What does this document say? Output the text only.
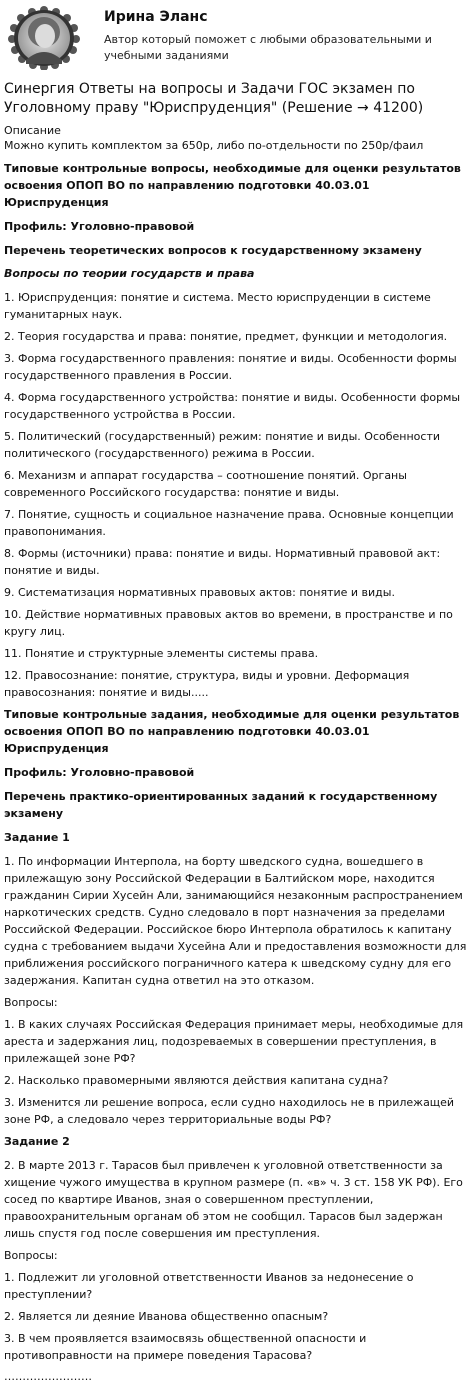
Ирина Эланс
Автор который поможет с любыми образовательными и учебными заданиями
Синергия Ответы на вопросы и Задачи ГОС экзамен по Уголовному праву "Юриспруденция" (Решение → 41200)
Описание
Можно купить комплектом за 650р, либо по-отдельности по 250р/фаил
Типовые контрольные вопросы, необходимые для оценки результатов освоения ОПОП ВО по направлению подготовки 40.03.01 Юриспруденция
Профиль: Уголовно-правовой
Перечень теоретических вопросов к государственному экзамену
Вопросы по теории государств и права
1. Юриспруденция: понятие и система. Место юриспруденции в системе гуманитарных наук.
2. Теория государства и права: понятие, предмет, функции и методология.
3. Форма государственного правления: понятие и виды. Особенности формы государственного правления в России.
4. Форма государственного устройства: понятие и виды. Особенности формы государственного устройства в России.
5. Политический (государственный) режим: понятие и виды. Особенности политического (государственного) режима в России.
6. Механизм и аппарат государства – соотношение понятий. Органы современного Российского государства: понятие и виды.
7. Понятие, сущность и социальное назначение права. Основные концепции правопонимания.
8. Формы (источники) права: понятие и виды. Нормативный правовой акт: понятие и виды.
9. Систематизация нормативных правовых актов: понятие и виды.
10. Действие нормативных правовых актов во времени, в пространстве и по кругу лиц.
11. Понятие и структурные элементы системы права.
12. Правосознание: понятие, структура, виды и уровни. Деформация правосознания: понятие и виды.....
Типовые контрольные задания, необходимые для оценки результатов освоения ОПОП ВО по направлению подготовки 40.03.01 Юриспруденция
Профиль: Уголовно-правовой
Перечень практико-ориентированных заданий к государственному экзамену
Задание 1
1. По информации Интерпола, на борту шведского судна, вошедшего в прилежащую зону Российской Федерации в Балтийском море, находится гражданин Сирии Хусейн Али, занимающийся незаконным распространением наркотических средств. Судно следовало в порт назначения за пределами Российской Федерации. Российское бюро Интерпола обратилось к капитану судна с требованием выдачи Хусейна Али и предоставления возможности для приближения российского пограничного катера к шведскому судну для его задержания. Капитан судна ответил на это отказом.
Вопросы:
1. В каких случаях Российская Федерация принимает меры, необходимые для ареста и задержания лиц, подозреваемых в совершении преступления, в прилежащей зоне РФ?
2. Насколько правомерными являются действия капитана судна?
3. Изменится ли решение вопроса, если судно находилось не в прилежащей зоне РФ, а следовало через территориальные воды РФ?
Задание 2
2. В марте 2013 г. Тарасов был привлечен к уголовной ответственности за хищение чужого имущества в крупном размере (п. «в» ч. 3 ст. 158 УК РФ). Его сосед по квартире Иванов, зная о совершенном преступлении, правоохранительным органам об этом не сообщил. Тарасов был задержан лишь спустя год после совершения им преступления.
Вопросы:
1. Подлежит ли уголовной ответственности Иванов за недонесение о преступлении?
2. Является ли деяние Иванова общественно опасным?
3. В чем проявляется взаимосвязь общественной опасности и противоправности на примере поведения Тарасова?
……………………
